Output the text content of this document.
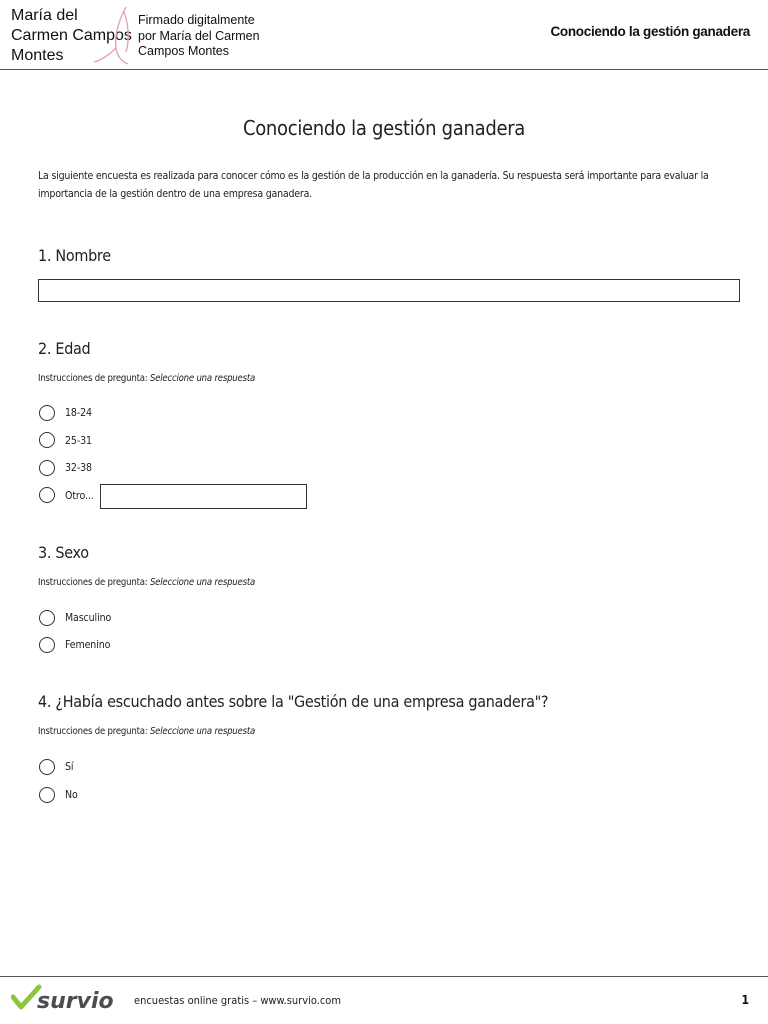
María del
Carmen Campos
Montes
Firmado digitalmente
por María del Carmen
Campos Montes
Conociendo la gestión ganadera
Conociendo la gestión ganadera
La siguiente encuesta es realizada para conocer cómo es la gestión de la producción en la ganadería. Su respuesta será importante para evaluar la importancia de la gestión dentro de una empresa ganadera.
1. Nombre
2. Edad
Instrucciones de pregunta: Seleccione una respuesta
18-24
25-31
32-38
Otro...
3. Sexo
Instrucciones de pregunta: Seleccione una respuesta
Masculino
Femenino
4. ¿Había escuchado antes sobre la "Gestión de una empresa ganadera"?
Instrucciones de pregunta: Seleccione una respuesta
Sí
No
survio encuestas online gratis – www.survio.com	1
